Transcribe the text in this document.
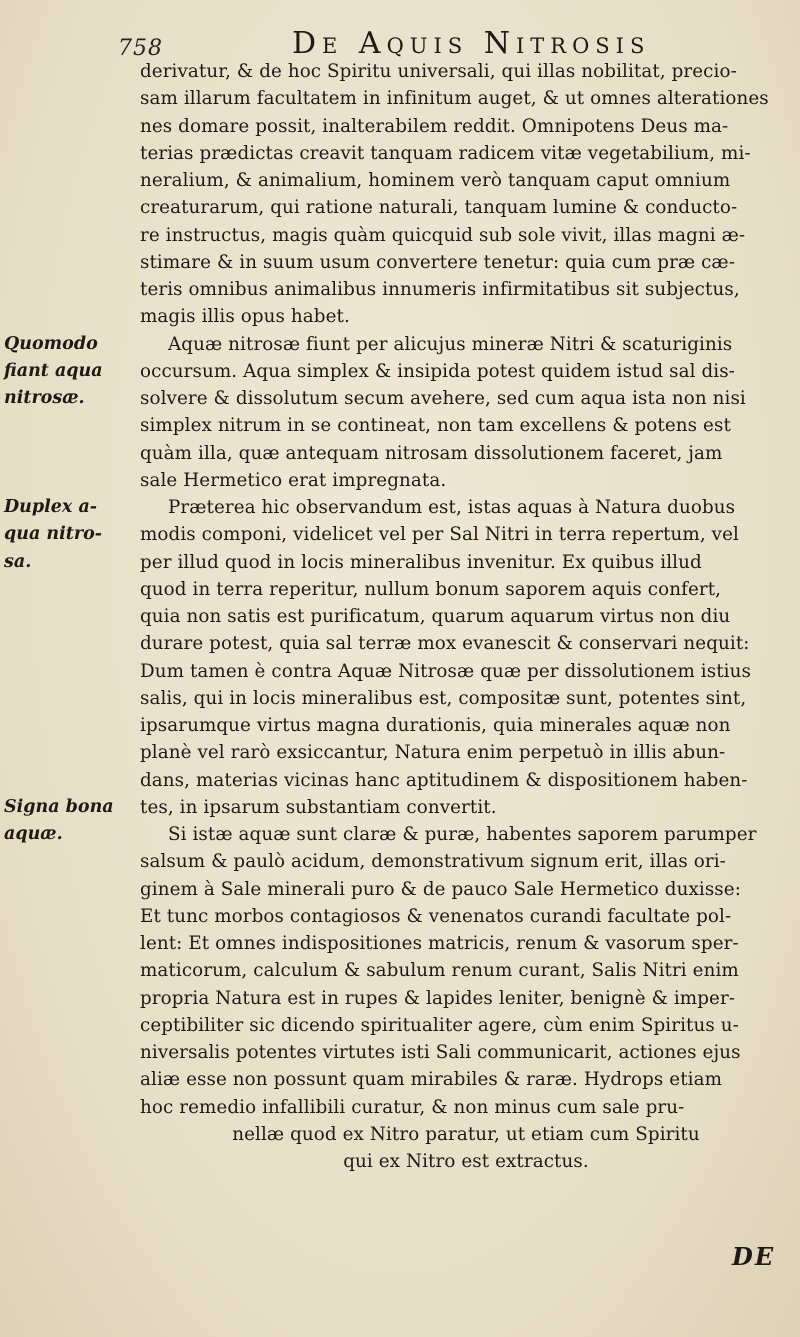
758	De Aquis Nitrosis
Quomodo
fiant aqua
nitrosæ.
Duplex a-
qua nitro-
sa.
Signa bona
aquæ.
derivatur, & de hoc Spiritu universali, qui illas nobilitat, precio-
sam illarum facultatem in infinitum auget, & ut omnes alterationes
nes domare possit, inalterabilem reddit. Omnipotens Deus ma-
terias prædictas creavit tanquam radicem vitæ vegetabilium, mi-
neralium, & animalium, hominem verò tanquam caput omnium
creaturarum, qui ratione naturali, tanquam lumine & conducto-
re instructus, magis quàm quicquid sub sole vivit, illas magni æ-
stimare & in suum usum convertere tenetur: quia cum præ cæ-
teris omnibus animalibus innumeris infirmitatibus sit subjectus,
magis illis opus habet.
Aquæ nitrosæ fiunt per alicujus mineræ Nitri & scaturiginis
occursum. Aqua simplex & insipida potest quidem istud sal dis-
solvere & dissolutum secum avehere, sed cum aqua ista non nisi
simplex nitrum in se contineat, non tam excellens & potens est
quàm illa, quæ antequam nitrosam dissolutionem faceret, jam
sale Hermetico erat impregnata.
Præterea hic observandum est, istas aquas à Natura duobus
modis componi, videlicet vel per Sal Nitri in terra repertum, vel
per illud quod in locis mineralibus invenitur. Ex quibus illud
quod in terra reperitur, nullum bonum saporem aquis confert,
quia non satis est purificatum, quarum aquarum virtus non diu
durare potest, quia sal terræ mox evanescit & conservari nequit:
Dum tamen è contra Aquæ Nitrosæ quæ per dissolutionem istius
salis, qui in locis mineralibus est, compositæ sunt, potentes sint,
ipsarumque virtus magna durationis, quia minerales aquæ non
planè vel rarò exsiccantur, Natura enim perpetuò in illis abun-
dans, materias vicinas hanc aptitudinem & dispositionem haben-
tes, in ipsarum substantiam convertit.
Si istæ aquæ sunt claræ & puræ, habentes saporem parumper
salsum & paulò acidum, demonstrativum signum erit, illas ori-
ginem à Sale minerali puro & de pauco Sale Hermetico duxisse:
Et tunc morbos contagiosos & venenatos curandi facultate pol-
lent: Et omnes indispositiones matricis, renum & vasorum sper-
maticorum, calculum & sabulum renum curant, Salis Nitri enim
propria Natura est in rupes & lapides leniter, benignè & imper-
ceptibiliter sic dicendo spiritualiter agere, cùm enim Spiritus u-
niversalis potentes virtutes isti Sali communicarit, actiones ejus
aliæ esse non possunt quam mirabiles & raræ. Hydrops etiam
hoc remedio infallibili curatur, & non minus cum sale pru-
nellæ quod ex Nitro paratur, ut etiam cum Spiritu
qui ex Nitro est extractus.
DE
